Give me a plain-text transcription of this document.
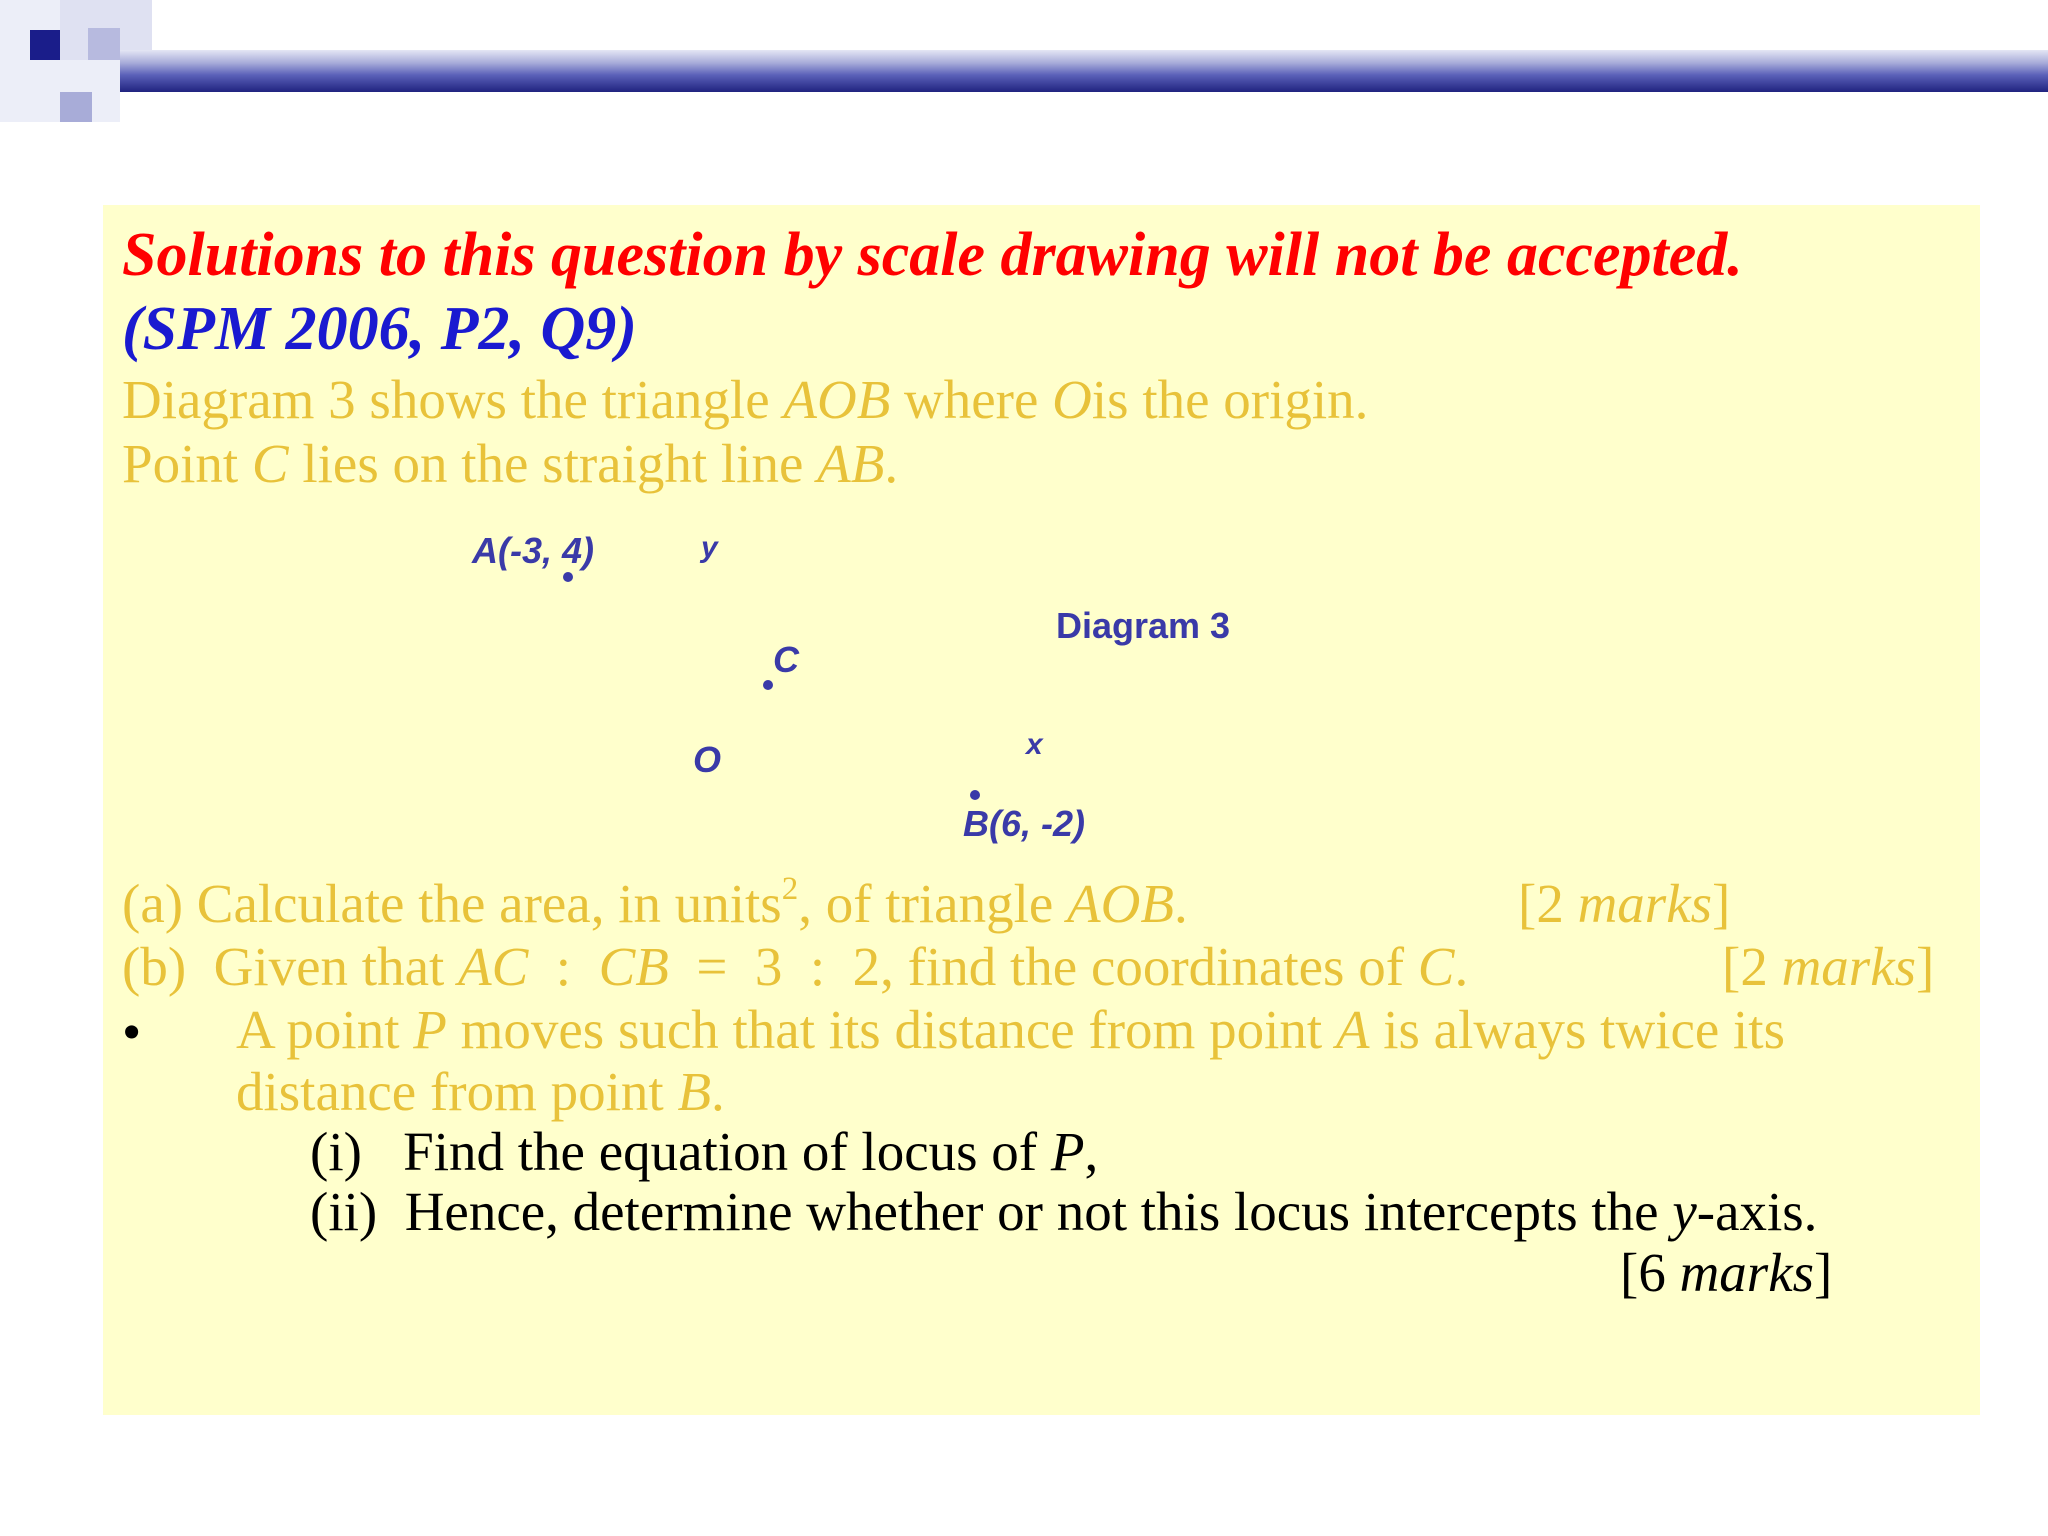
Solutions to this question by scale drawing will not be accepted.
(SPM 2006, P2, Q9)
Diagram 3 shows the triangle AOB where Ois the origin.
Point C lies on the straight line AB.
A(-3, 4)	y
Diagram 3
C
O	x
B(6, -2)
(a) Calculate the area, in units$^2$, of triangle AOB.	[2 marks]
(b)  Given that AC  :  CB  =  3  :  2, find the coordinates of C.	[2 marks]
• A point P moves such that its distance from point A is always twice its
distance from point B.
(i)   Find the equation of locus of P,
(ii)  Hence, determine whether or not this locus intercepts the y-axis.
[6 marks]
